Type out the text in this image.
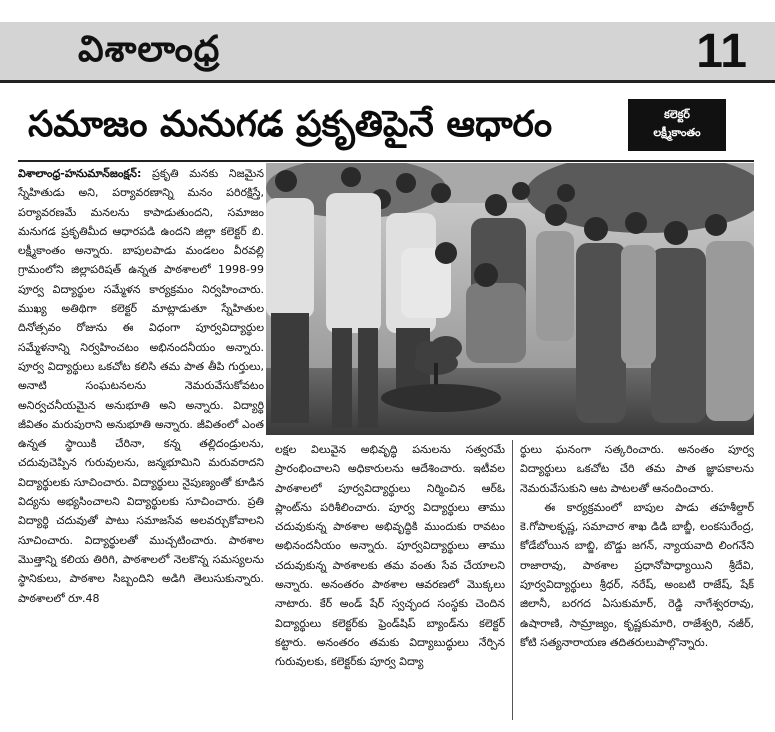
విశాలాంధ్ర	11
సమాజం మనుగడ ప్రకృతిపైనే ఆధారం	కలెక్టర్
లక్ష్మీకాంతం

విశాలాంధ్ర-హనుమాన్‌జంక్షన్‌: ప్రకృతి మనకు నిజమైన స్నేహితుడు అని, పర్యావరణాన్ని మనం పరిరక్షిస్తే, పర్యావరణమే మనలను కాపాడుతుందని, సమాజం మనుగడ ప్రకృతిమీద ఆధారపడి ఉందని జిల్లా కలెక్టర్‌ బి. లక్ష్మీకాంతం అన్నారు. బాపులపాడు మండలం వీరవల్లి గ్రామంలోని జిల్లాపరిషత్‌ ఉన్నత పాఠశాలలో 1998-99 పూర్వ విద్యార్థుల సమ్మేళన కార్యక్రమం నిర్వహించారు. ముఖ్య అతిథిగా కలెక్టర్‌ మాట్లాడుతూ స్నేహితుల దినోత్సవం రోజును ఈ విధంగా పూర్వవిద్యార్థుల సమ్మేళనాన్ని నిర్వహించటం అభినందనీయం అన్నారు. పూర్వ విద్యార్థులు ఒకచోట కలిసి తమ పాత తీపి గుర్తులు, అనాటి సంఘటనలను నెమరువేసుకోవటం అనిర్వచనీయమైన అనుభూతి అని అన్నారు. విద్యార్థి జీవితం మరుపురాని అనుభూతి అన్నారు. జీవితంలో ఎంత ఉన్నత స్థాయికి చేరినా, కన్న తల్లిదండ్రులను, చదువుచెప్పిన గురువులను, జన్మభూమిని మరువరాదని విద్యార్థులకు సూచించారు. విద్యార్థులు నైపుణ్యంతో కూడిన విద్యను అభ్యసించాలని విద్యార్థులకు సూచించారు. ప్రతి విద్యార్థి చదువుతో పాటు సమాజసేవ అలవర్చుకోవాలని సూచించారు. విద్యార్థులతో ముచ్చటించారు. పాఠశాల మొత్తాన్ని కలియ తిరిగి, పాఠశాలలో నెలకొన్న సమస్యలను స్థానికులు, పాఠశాల సిబ్బందిని అడిగి తెలుసుకున్నారు. పాఠశాలలో రూ.48

లక్షల విలువైన అభివృద్ధి పనులను సత్వరమే ప్రారంభించాలని అధికారులను ఆదేశించారు. ఇటీవల పాఠశాలలో పూర్వవిద్యార్థులు నిర్మించిన ఆర్‌ఓ ప్లాంట్‌ను పరిశీలించారు. పూర్వ విద్యార్థులు తాము చదువుకున్న పాఠశాల అభివృద్ధికి ముందుకు రావటం అభినందనీయం అన్నారు. పూర్వవిద్యార్థులు తాము చదువుకున్న పాఠశాలకు తమ వంతు సేవ చేయాలని అన్నారు. అనంతరం పాఠశాల ఆవరణలో మొక్కలు నాటారు. కేర్‌ అండ్‌ షేర్‌ స్వచ్ఛంద సంస్థకు చెందిన విద్యార్థులు కలెక్టర్‌కు ఫ్రెండ్‌షిప్‌ బ్యాండ్‌ను కలెక్టర్‌ కట్టారు. అనంతరం తమకు విద్యాబుద్ధులు నేర్పిన గురువులకు, కలెక్టర్‌కు పూర్వ విద్యా

ర్థులు ఘనంగా సత్కరించారు. అనంతం పూర్వ విద్యార్థులు ఒకచోట చేరి తమ పాత జ్ఞాపకాలను నెమరువేసుకుని ఆట పాటలతో ఆనందించారు.

ఈ కార్యక్రమంలో బాపుల పాడు తహశీల్దార్‌ కె.గోపాలకృష్ణ, సమాచార శాఖ డిడి బాబ్జీ, లంకసురేంద్ర, కోడేబోయిన బాబ్జి, బొడ్డు జగన్‌, న్యాయవాది లింగనేని రాజారావు, పాఠశాల ప్రధానోపాధ్యాయిని శ్రీదేవి, పూర్వవిద్యార్థులు శ్రీధర్‌, నరేష్‌, అంబటి రాజేష్‌, షేక్‌ జిలానీ, బరగద ఏసుకుమార్‌, రెడ్డి నాగేశ్వరరావు, ఉషారాణి, సామ్రాజ్యం, కృష్ణకుమారి, రాజేశ్వరి, నజీర్‌, కోటి సత్యనారాయణ తదితరులుపాల్గొన్నారు.
